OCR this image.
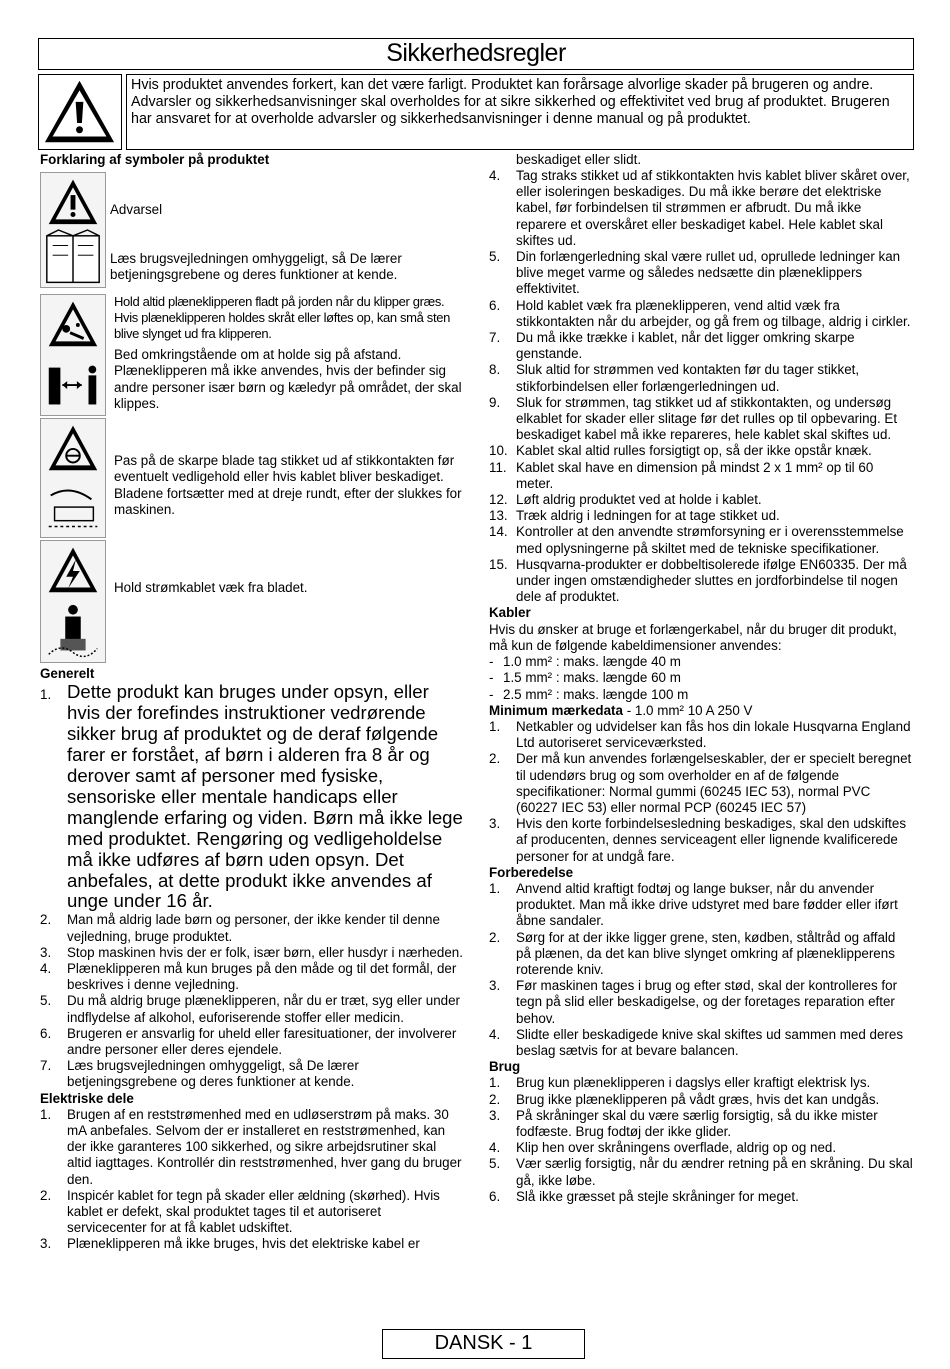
Sikkerhedsregler
Hvis produktet anvendes forkert, kan det være farligt. Produktet kan forårsage alvorlige skader på brugeren og andre. Advarsler og sikkerhedsanvisninger skal overholdes for at sikre sikkerhed og effektivitet ved brug af produktet. Brugeren har ansvaret for at overholde advarsler og sikkerhedsanvisninger i denne manual og på produktet.
Forklaring af symboler på produktet
Advarsel
Læs brugsvejledningen omhyggeligt, så De lærer betjeningsgrebene og deres funktioner at kende.
Hold altid plæneklipperen fladt på jorden når du klipper græs. Hvis plæneklipperen holdes skråt eller løftes op, kan små sten blive slynget ud fra klipperen.
Bed omkringstående om at holde sig på afstand. Plæneklipperen må ikke anvendes, hvis der befinder sig andre personer især børn og kæledyr på området, der skal klippes.
Pas på de skarpe blade tag stikket ud af stikkontakten før eventuelt vedligehold eller hvis kablet bliver beskadiget.
Bladene fortsætter med at dreje rundt, efter der slukkes for maskinen.
Hold strømkablet væk fra bladet.
Generelt
1. Dette produkt kan bruges under opsyn, eller hvis der forefindes instruktioner vedrørende sikker brug af produktet og de deraf følgende farer er forstået, af børn i alderen fra 8 år og derover samt af personer med fysiske, sensoriske eller mentale handicaps eller manglende erfaring og viden. Børn må ikke lege med produktet. Rengøring og vedligeholdelse må ikke udføres af børn uden opsyn. Det anbefales, at dette produkt ikke anvendes af unge under 16 år.
2. Man må aldrig lade børn og personer, der ikke kender til denne vejledning, bruge produktet.
3. Stop maskinen hvis der er folk, især børn, eller husdyr i nærheden.
4. Plæneklipperen må kun bruges på den måde og til det formål, der beskrives i denne vejledning.
5. Du må aldrig bruge plæneklipperen, når du er træt, syg eller under indflydelse af alkohol, euforiserende stoffer eller medicin.
6. Brugeren er ansvarlig for uheld eller faresituationer, der involverer andre personer eller deres ejendele.
7. Læs brugsvejledningen omhyggeligt, så De lærer betjeningsgrebene og deres funktioner at kende.
Elektriske dele
1. Brugen af en reststrømenhed med en udløserstrøm på maks. 30 mA anbefales. Selvom der er installeret en reststrømenhed, kan der ikke garanteres 100 sikkerhed, og sikre arbejdsrutiner skal altid iagttages. Kontrollér din reststrømenhed, hver gang du bruger den.
2. Inspicér kablet for tegn på skader eller ældning (skørhed). Hvis kablet er defekt, skal produktet tages til et autoriseret servicecenter for at få kablet udskiftet.
3. Plæneklipperen må ikke bruges, hvis det elektriske kabel er
beskadiget eller slidt.
4. Tag straks stikket ud af stikkontakten hvis kablet bliver skåret over, eller isoleringen beskadiges. Du må ikke berøre det elektriske kabel, før forbindelsen til strømmen er afbrudt. Du må ikke reparere et overskåret eller beskadiget kabel. Hele kablet skal skiftes ud.
5. Din forlængerledning skal være rullet ud, oprullede ledninger kan blive meget varme og således nedsætte din plæneklippers effektivitet.
6. Hold kablet væk fra plæneklipperen, vend altid væk fra stikkontakten når du arbejder, og gå frem og tilbage, aldrig i cirkler.
7. Du må ikke trække i kablet, når det ligger omkring skarpe genstande.
8. Sluk altid for strømmen ved kontakten før du tager stikket, stikforbindelsen eller forlængerledningen ud.
9. Sluk for strømmen, tag stikket ud af stikkontakten, og undersøg elkablet for skader eller slitage før det rulles op til opbevaring. Et beskadiget kabel må ikke repareres, hele kablet skal skiftes ud.
10. Kablet skal altid rulles forsigtigt op, så der ikke opstår knæk.
11. Kablet skal have en dimension på mindst 2 x 1 mm² op til 60 meter.
12. Løft aldrig produktet ved at holde i kablet.
13. Træk aldrig i ledningen for at tage stikket ud.
14. Kontroller at den anvendte strømforsyning er i overensstemmelse med oplysningerne på skiltet med de tekniske specifikationer.
15. Husqvarna-produkter er dobbeltisolerede ifølge EN60335. Der må under ingen omstændigheder sluttes en jordforbindelse til nogen dele af produktet.
Kabler
Hvis du ønsker at bruge et forlængerkabel, når du bruger dit produkt, må kun de følgende kabeldimensioner anvendes:
- 1.0 mm² : maks. længde 40 m
- 1.5 mm² : maks. længde 60 m
- 2.5 mm² : maks. længde 100 m
Minimum mærkedata - 1.0 mm² 10 A 250 V
1. Netkabler og udvidelser kan fås hos din lokale Husqvarna England Ltd autoriseret serviceværksted.
2. Der må kun anvendes forlængelseskabler, der er specielt beregnet til udendørs brug og som overholder en af de følgende specifikationer: Normal gummi (60245 IEC 53), normal PVC (60227 IEC 53) eller normal PCP (60245 IEC 57)
3. Hvis den korte forbindelsesledning beskadiges, skal den udskiftes af producenten, dennes serviceagent eller lignende kvalificerede personer for at undgå fare.
Forberedelse
1. Anvend altid kraftigt fodtøj og lange bukser, når du anvender produktet. Man må ikke drive udstyret med bare fødder eller iført åbne sandaler.
2. Sørg for at der ikke ligger grene, sten, kødben, ståltråd og affald på plænen, da det kan blive slynget omkring af plæneklipperens roterende kniv.
3. Før maskinen tages i brug og efter stød, skal der kontrolleres for tegn på slid eller beskadigelse, og der foretages reparation efter behov.
4. Slidte eller beskadigede knive skal skiftes ud sammen med deres beslag sætvis for at bevare balancen.
Brug
1. Brug kun plæneklipperen i dagslys eller kraftigt elektrisk lys.
2. Brug ikke plæneklipperen på vådt græs, hvis det kan undgås.
3. På skråninger skal du være særlig forsigtig, så du ikke mister fodfæste. Brug fodtøj der ikke glider.
4. Klip hen over skråningens overflade, aldrig op og ned.
5. Vær særlig forsigtig, når du ændrer retning på en skråning. Du skal gå, ikke løbe.
6. Slå ikke græsset på stejle skråninger for meget.
DANSK - 1
